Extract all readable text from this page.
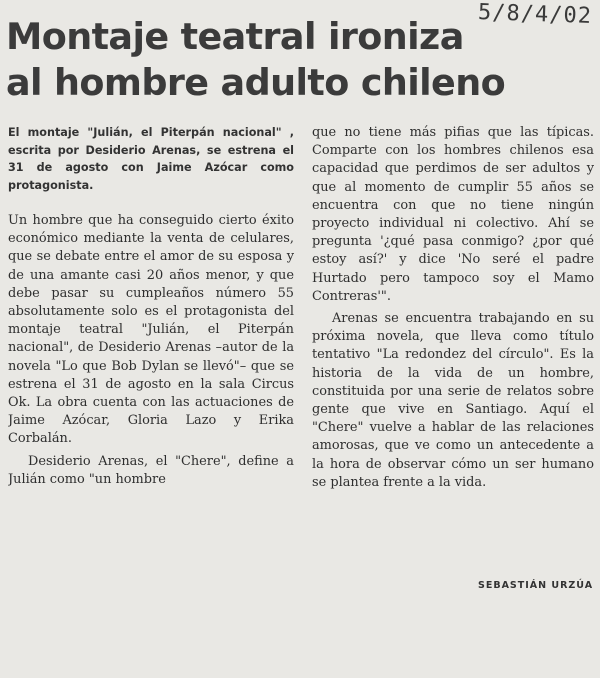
5/8/4/02
Montaje teatral ironiza
al hombre adulto chileno

El montaje "Julián, el Piterpán nacional" , escrita por Desiderio Arenas, se estrena el 31 de agosto con Jaime Azócar como protagonista.

Un hombre que ha conseguido cierto éxito económico mediante la venta de celulares, que se debate entre el amor de su esposa y de una amante casi 20 años menor, y que debe pasar su cumpleaños número 55 absolutamente solo es el protagonista del montaje teatral "Julián, el Piterpán nacional", de Desiderio Arenas –autor de la novela "Lo que Bob Dylan se llevó"– que se estrena el 31 de agosto en la sala Circus Ok. La obra cuenta con las actuaciones de Jaime Azócar, Gloria Lazo y Erika Corbalán.

Desiderio Arenas, el "Chere", define a Julián como "un hombre

que no tiene más pifias que las típicas. Comparte con los hombres chilenos esa capacidad que perdimos de ser adultos y que al momento de cumplir 55 años se encuentra con que no tiene ningún proyecto individual ni colectivo. Ahí se pregunta '¿qué pasa conmigo? ¿por qué estoy así?' y dice 'No seré el padre Hurtado pero tampoco soy el Mamo Contreras'".

Arenas se encuentra trabajando en su próxima novela, que lleva como título tentativo "La redondez del círculo". Es la historia de la vida de un hombre, constituida por una serie de relatos sobre gente que vive en Santiago. Aquí el "Chere" vuelve a hablar de las relaciones amorosas, que ve como un antecedente a la hora de observar cómo un ser humano se plantea frente a la vida.

SEBASTIÁN URZÚA
